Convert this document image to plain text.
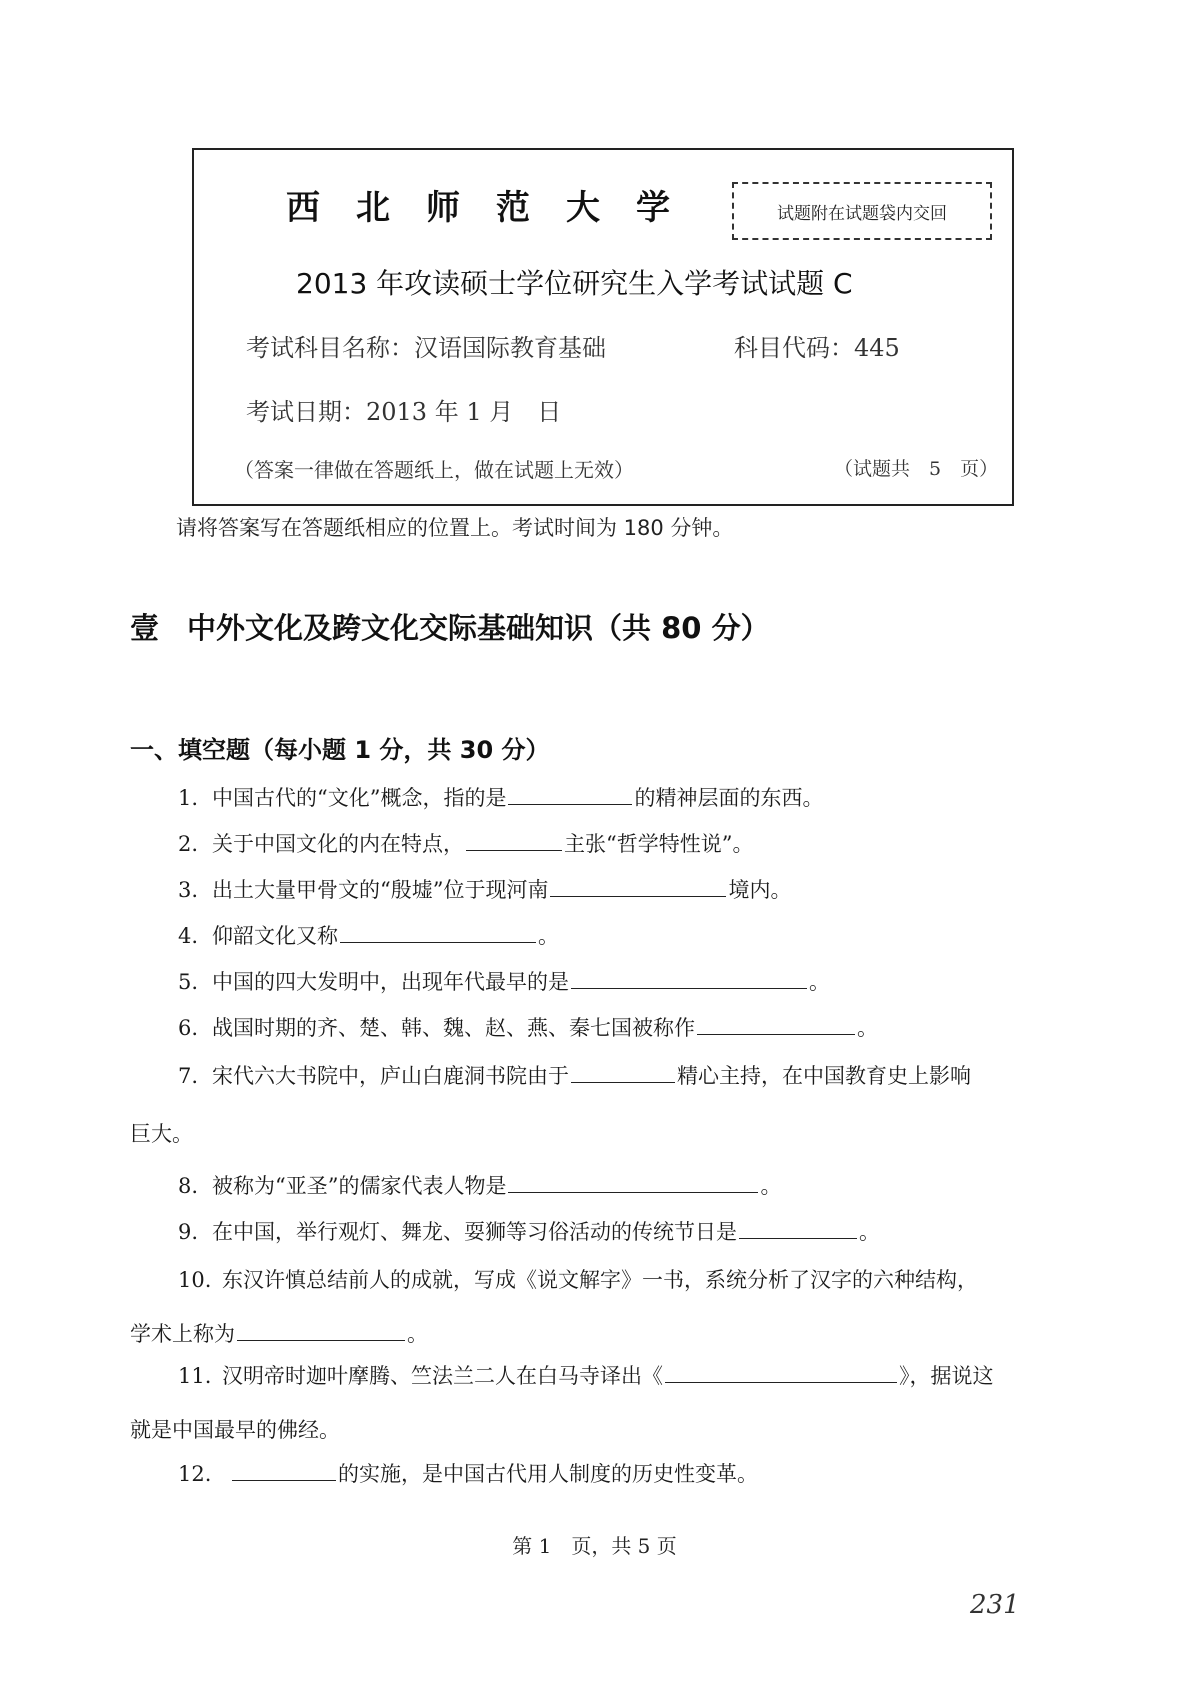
西北师范大学	试题附在试题袋内交回
2013 年攻读硕士学位研究生入学考试试题 C
考试科目名称：汉语国际教育基础	科目代码：445
考试日期：2013 年 1 月　日
（答案一律做在答题纸上，做在试题上无效）	（试题共　5　页）
请将答案写在答题纸相应的位置上。考试时间为 180 分钟。
壹 中外文化及跨文化交际基础知识（共 80 分）
一、填空题（每小题 1 分，共 30 分）
1. 中国古代的“文化”概念，指的是	的精神层面的东西。
2. 关于中国文化的内在特点，	主张“哲学特性说”。
3. 出土大量甲骨文的“殷墟”位于现河南	境内。
4. 仰韶文化又称	。
5. 中国的四大发明中，出现年代最早的是	。
6. 战国时期的齐、楚、韩、魏、赵、燕、秦七国被称作	。
7. 宋代六大书院中，庐山白鹿洞书院由于	精心主持，在中国教育史上影响
巨大。
8. 被称为“亚圣”的儒家代表人物是	。
9. 在中国，举行观灯、舞龙、耍狮等习俗活动的传统节日是	。
10. 东汉许慎总结前人的成就，写成《说文解字》一书，系统分析了汉字的六种结构，
学术上称为	。
11. 汉明帝时迦叶摩腾、竺法兰二人在白马寺译出《	》，据说这
就是中国最早的佛经。
12.	的实施，是中国古代用人制度的历史性变革。
第 1　页，共 5 页
231
